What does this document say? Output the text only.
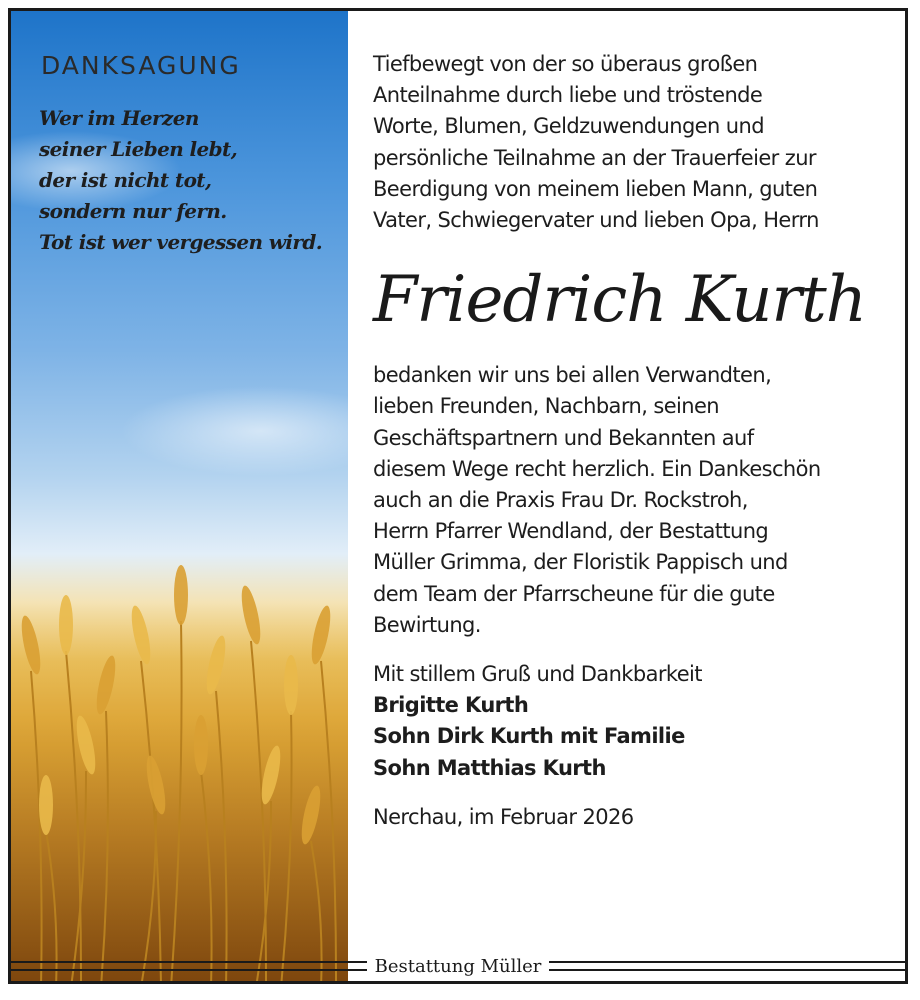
DANKSAGUNG
Wer im Herzen
seiner Lieben lebt,
der ist nicht tot,
sondern nur fern.
Tot ist wer vergessen wird.
Tiefbewegt von der so überaus großen
Anteilnahme durch liebe und tröstende
Worte, Blumen, Geldzuwendungen und
persönliche Teilnahme an der Trauerfeier zur
Beerdigung von meinem lieben Mann, guten
Vater, Schwiegervater und lieben Opa, Herrn
Friedrich Kurth
bedanken wir uns bei allen Verwandten,
lieben Freunden, Nachbarn, seinen
Geschäftspartnern und Bekannten auf
diesem Wege recht herzlich. Ein Dankeschön
auch an die Praxis Frau Dr. Rockstroh,
Herrn Pfarrer Wendland, der Bestattung
Müller Grimma, der Floristik Pappisch und
dem Team der Pfarrscheune für die gute
Bewirtung.
Mit stillem Gruß und Dankbarkeit
Brigitte Kurth
Sohn Dirk Kurth mit Familie
Sohn Matthias Kurth
Nerchau, im Februar 2026
Bestattung Müller
